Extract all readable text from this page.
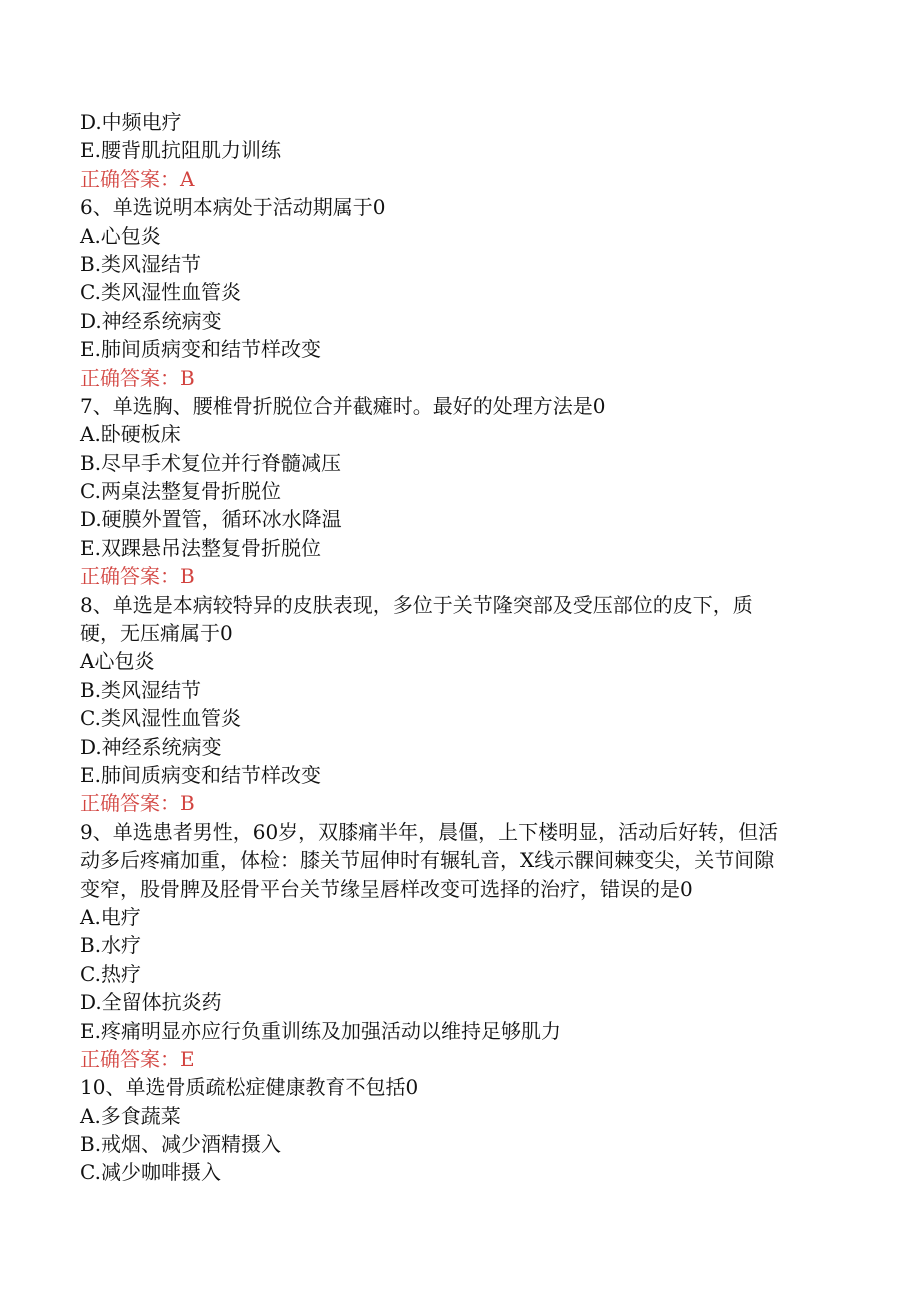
D.中频电疗
E.腰背肌抗阻肌力训练
正确答案：A
6、单选说明本病处于活动期属于0
A.心包炎
B.类风湿结节
C.类风湿性血管炎
D.神经系统病变
E.肺间质病变和结节样改变
正确答案：B
7、单选胸、腰椎骨折脱位合并截瘫时。最好的处理方法是0
A.卧硬板床
B.尽早手术复位并行脊髓减压
C.两桌法整复骨折脱位
D.硬膜外置管，循环冰水降温
E.双踝悬吊法整复骨折脱位
正确答案：B
8、单选是本病较特异的皮肤表现，多位于关节隆突部及受压部位的皮下，质
硬，无压痛属于0
A心包炎
B.类风湿结节
C.类风湿性血管炎
D.神经系统病变
E.肺间质病变和结节样改变
正确答案：B
9、单选患者男性，60岁，双膝痛半年，晨僵，上下楼明显，活动后好转，但活
动多后疼痛加重，体检：膝关节屈伸时有辗轧音，X线示髁间棘变尖，关节间隙
变窄，股骨脾及胫骨平台关节缘呈唇样改变可选择的治疗，错误的是0
A.电疗
B.水疗
C.热疗
D.全留体抗炎药
E.疼痛明显亦应行负重训练及加强活动以维持足够肌力
正确答案：E
10、单选骨质疏松症健康教育不包括0
A.多食蔬菜
B.戒烟、减少酒精摄入
C.减少咖啡摄入
